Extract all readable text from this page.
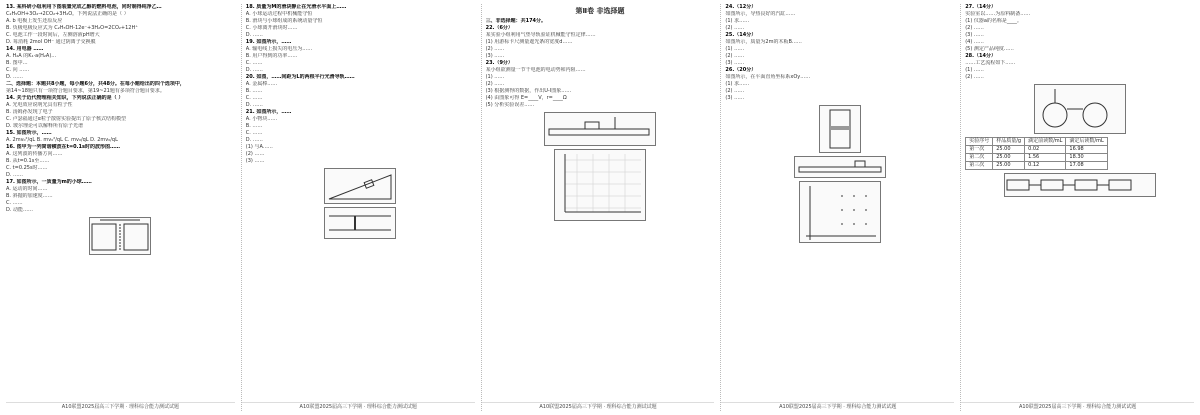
13. 某科研小组利用下图装置完成乙醇的燃料电池，同时制得纯净乙…
C₂H₅OH+3O₂→2CO₂+3H₂O。下列说法正确的是（ ）
A. b 电极上发生还原反应
B. 负极电极反应式为 C₂H₅OH-12e⁻+3H₂O=2CO₂+12H⁺
C. 电池工作一段时间后，左侧溶液pH增大
D. 每消耗 2mol OH⁻ 通过阴离子交换膜
14. 用电器 ……
A. H₂A 的K₁·a(H₂A)…
B. 图中…
C. 向 ……
D. ……
二、选择题：本题共8小题，每小题6分，共48分。在每小题给出的四个选项中，
第14~18题只有一项符合题目要求，第19~21题有多项符合题目要求。
14. 关于近代物理相关知识，下列说法正确的是（ ）
A. 光电效应说明光具有粒子性
B. 汤姆孙发现了电子
C. 卢瑟福通过α粒子散射实验提出了原子核式结构模型
D. 玻尔理论可以解释所有原子光谱
15. 如图所示，……
A. 2mv₀²/qL B. mv₀²/qL C. mv₀/qL D. 2mv₀/qL
16. 图甲为一列简谐横波在t=0.1s时的波形图……
A. 这列波的传播方向……
B. 从t=0.1s至……
C. t=0.25s时……
D. ……
17. 如图所示，一质量为m的小球……
A. 运动的时间……
B. 斜抛的加速度……
C. ……
D. 动能……
A10联盟2025届高三下学期 · 理科综合能力测试试题
18. 质量为M的滑块静止在光滑水平面上……
A. 小球运动过程中机械能守恒
B. 滑块与小球组成的系统动量守恒
C. 小球离开滑块时……
D. ……
19. 如图所示，……
A. 输电线上损失的电压为……
B. 用户得到的功率……
C. ……
D. ……
20. 如图，……间距为L的两根平行光滑导轨……
A. 金属棒……
B. ……
C. ……
D. ……
21. 如图所示，……
A. 小物块……
B. ……
C. ……
D. ……
(1) 与A……
(2) ……
(3) ……
A10联盟2025届高三下学期 · 理科综合能力测试试题
第Ⅱ卷 非选择题
三、非选择题：共174分。
22.（6分）
某实验小组利用气垫导轨验证机械能守恒定律……
(1) 用游标卡尺测量遮光条的宽度d……
(2) ……
(3) ……
23.（9分）
某小组欲测量一节干电池的电动势和内阻……
(1) ……
(2) ……
(3) 根据测得的数据，作出U-I图象……
(4) 由图象可得 E=____V，r=____Ω
(5) 分析实验误差……
A10联盟2025届高三下学期 · 理科综合能力测试试题
24.（12分）
如图所示，导热良好的汽缸……
(1) 求……
(2) ……
25.（14分）
如图所示，质量为2m的木板B……
(1) ……
(2) ……
(3) ……
26.（20分）
如图所示，在平面直角坐标系xOy……
(1) 求……
(2) ……
(3) ……
A10联盟2025届高三下学期 · 理科综合能力测试试题
27.（14分）
实验室以……为原料制备……
(1) 仪器a的名称是____。
(2) ……
(3) ……
(4) ……
(5) 测定产品纯度……
28.（14分）
……工艺流程如下……
(1) ……
(2) ……
实验序号	样品质量/g	滴定前读数/mL	滴定后读数/mL
第一次	25.00	0.02	16.98
第二次	25.00	1.56	18.30
第三次	25.00	0.12	17.08
A10联盟2025届高三下学期 · 理科综合能力测试试题
